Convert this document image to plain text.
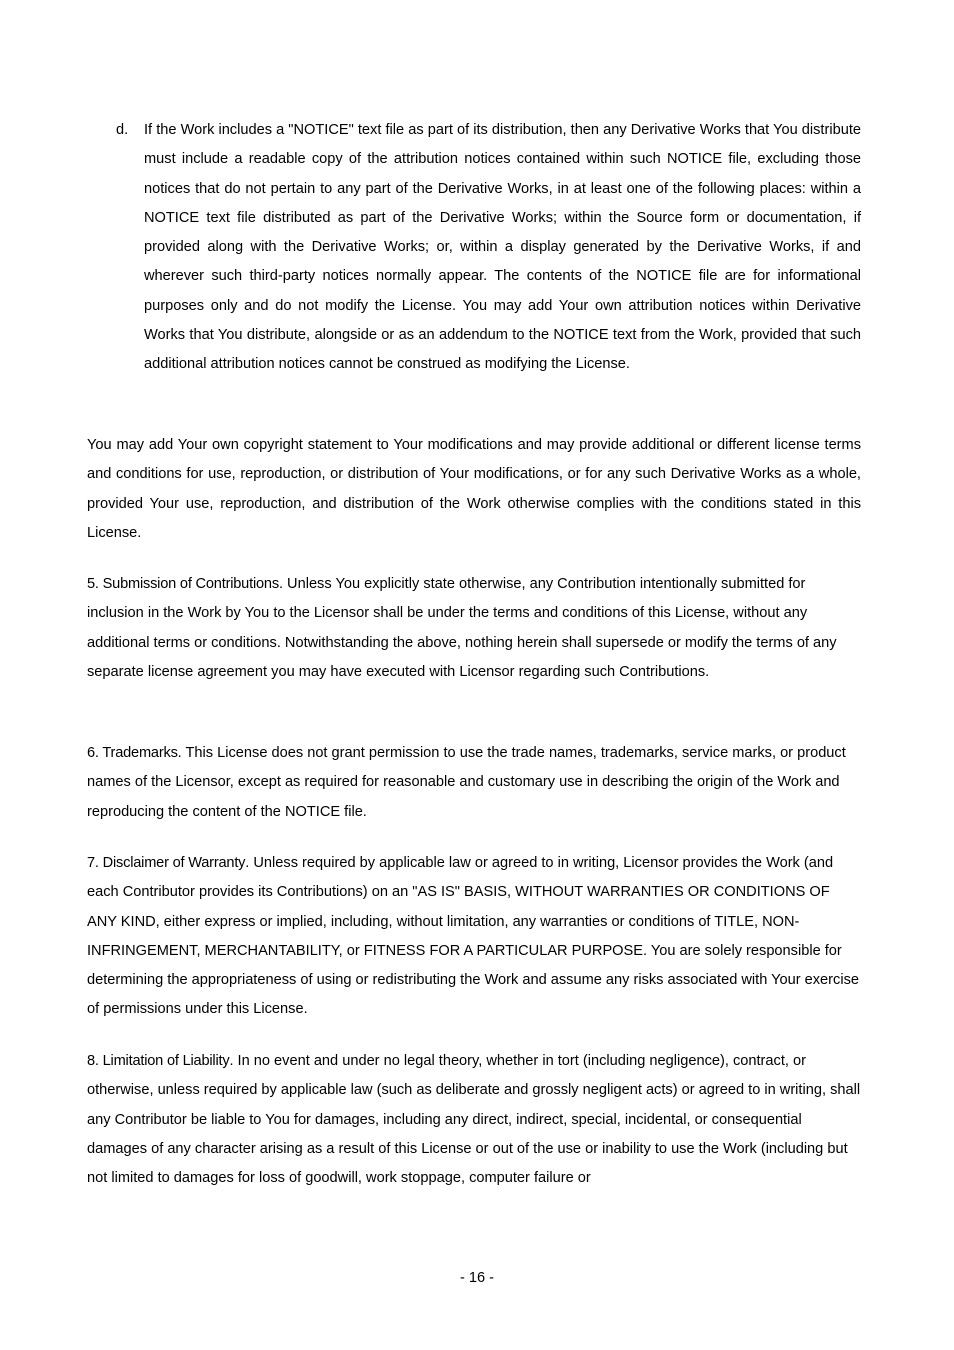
d. If the Work includes a "NOTICE" text file as part of its distribution, then any Derivative Works that You distribute must include a readable copy of the attribution notices contained within such NOTICE file, excluding those notices that do not pertain to any part of the Derivative Works, in at least one of the following places: within a NOTICE text file distributed as part of the Derivative Works; within the Source form or documentation, if provided along with the Derivative Works; or, within a display generated by the Derivative Works, if and wherever such third-party notices normally appear. The contents of the NOTICE file are for informational purposes only and do not modify the License. You may add Your own attribution notices within Derivative Works that You distribute, alongside or as an addendum to the NOTICE text from the Work, provided that such additional attribution notices cannot be construed as modifying the License.

You may add Your own copyright statement to Your modifications and may provide additional or different license terms and conditions for use, reproduction, or distribution of Your modifications, or for any such Derivative Works as a whole, provided Your use, reproduction, and distribution of the Work otherwise complies with the conditions stated in this License.

5. Submission of Contributions. Unless You explicitly state otherwise, any Contribution intentionally submitted for inclusion in the Work by You to the Licensor shall be under the terms and conditions of this License, without any additional terms or conditions. Notwithstanding the above, nothing herein shall supersede or modify the terms of any separate license agreement you may have executed with Licensor regarding such Contributions.

6. Trademarks. This License does not grant permission to use the trade names, trademarks, service marks, or product names of the Licensor, except as required for reasonable and customary use in describing the origin of the Work and reproducing the content of the NOTICE file.

7. Disclaimer of Warranty. Unless required by applicable law or agreed to in writing, Licensor provides the Work (and each Contributor provides its Contributions) on an "AS IS" BASIS, WITHOUT WARRANTIES OR CONDITIONS OF ANY KIND, either express or implied, including, without limitation, any warranties or conditions of TITLE, NON-INFRINGEMENT, MERCHANTABILITY, or FITNESS FOR A PARTICULAR PURPOSE. You are solely responsible for determining the appropriateness of using or redistributing the Work and assume any risks associated with Your exercise of permissions under this License.

8. Limitation of Liability. In no event and under no legal theory, whether in tort (including negligence), contract, or otherwise, unless required by applicable law (such as deliberate and grossly negligent acts) or agreed to in writing, shall any Contributor be liable to You for damages, including any direct, indirect, special, incidental, or consequential damages of any character arising as a result of this License or out of the use or inability to use the Work (including but not limited to damages for loss of goodwill, work stoppage, computer failure or

- 16 -
